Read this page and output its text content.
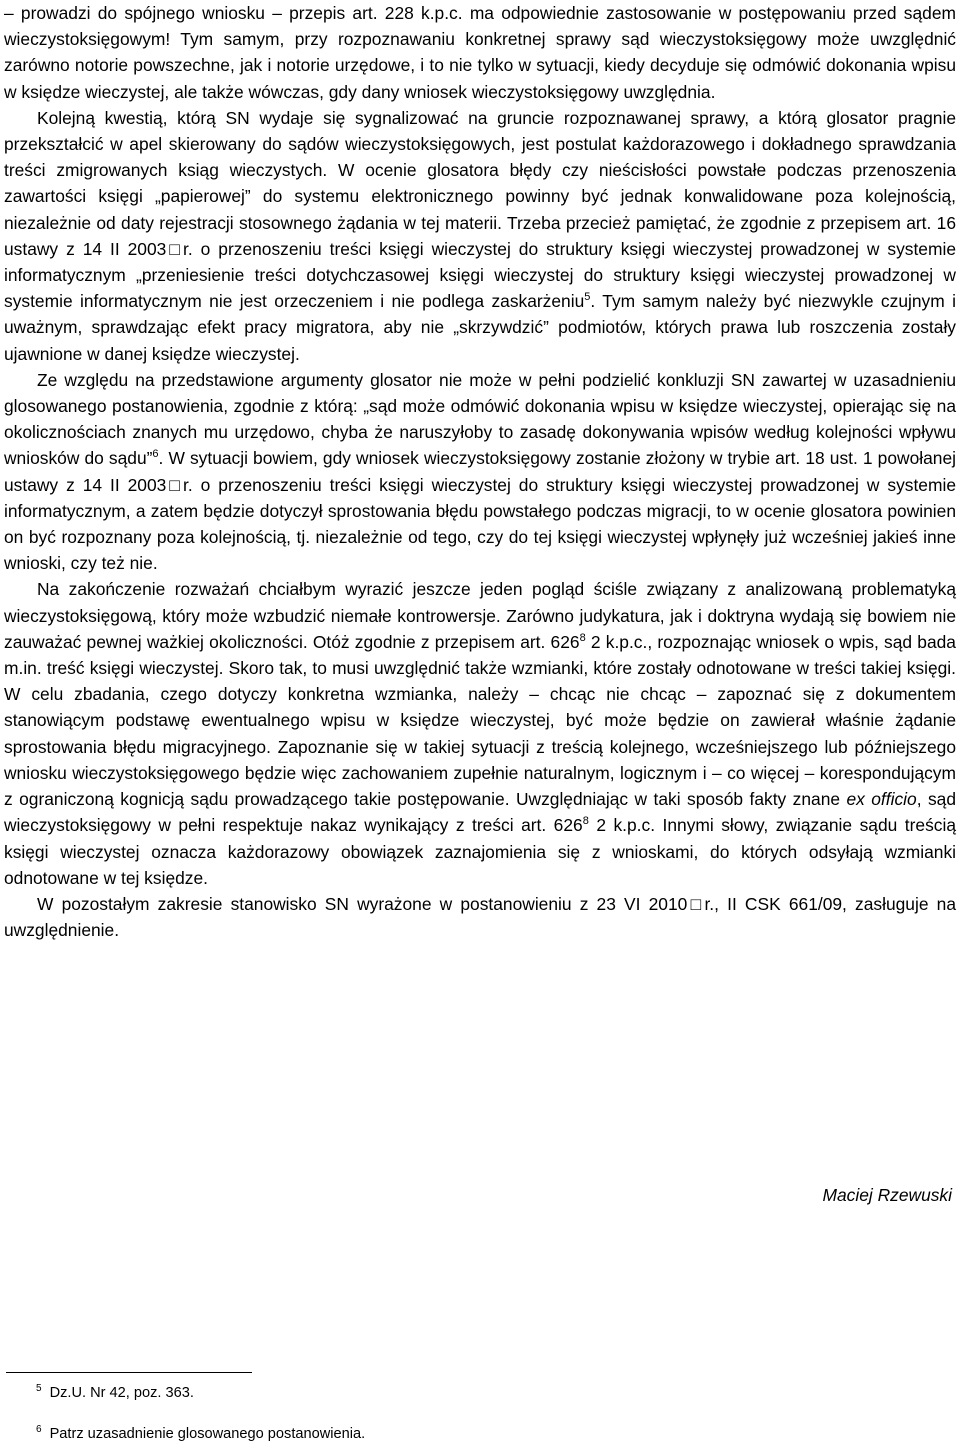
– prowadzi do spójnego wniosku – przepis art. 228 k.p.c. ma odpowiednie zastosowanie w postępowaniu przed sądem wieczystoksięgowym! Tym samym, przy rozpoznawaniu konkretnej sprawy sąd wieczystoksięgowy może uwzględnić zarówno notorie powszechne, jak i notorie urzędowe, i to nie tylko w sytuacji, kiedy decyduje się odmówić dokonania wpisu w księdze wieczystej, ale także wówczas, gdy dany wniosek wieczystoksięgowy uwzględnia.

Kolejną kwestią, którą SN wydaje się sygnalizować na gruncie rozpoznawanej sprawy, a którą glosator pragnie przekształcić w apel skierowany do sądów wieczystoksięgowych, jest postulat każdorazowego i dokładnego sprawdzania treści zmigrowanych ksiąg wieczystych. W ocenie glosatora błędy czy nieścisłości powstałe podczas przenoszenia zawartości księgi „papierowej” do systemu elektronicznego powinny być jednak konwalidowane poza kolejnością, niezależnie od daty rejestracji stosownego żądania w tej materii. Trzeba przecież pamiętać, że zgodnie z przepisem art. 16 ustawy z 14 II 2003□r. o przenoszeniu treści księgi wieczystej do struktury księgi wieczystej prowadzonej w systemie informatycznym „przeniesienie treści dotychczasowej księgi wieczystej do struktury księgi wieczystej prowadzonej w systemie informatycznym nie jest orzeczeniem i nie podlega zaskarżeniu$^5$. Tym samym należy być niezwykle czujnym i uważnym, sprawdzając efekt pracy migratora, aby nie „skrzywdzić” podmiotów, których prawa lub roszczenia zostały ujawnione w danej księdze wieczystej.

Ze względu na przedstawione argumenty glosator nie może w pełni podzielić konkluzji SN zawartej w uzasadnieniu glosowanego postanowienia, zgodnie z którą: „sąd może odmówić dokonania wpisu w księdze wieczystej, opierając się na okolicznościach znanych mu urzędowo, chyba że naruszyłoby to zasadę dokonywania wpisów według kolejności wpływu wniosków do sądu”$^6$. W sytuacji bowiem, gdy wniosek wieczystoksięgowy zostanie złożony w trybie art. 18 ust. 1 powołanej ustawy z 14 II 2003□r. o przenoszeniu treści księgi wieczystej do struktury księgi wieczystej prowadzonej w systemie informatycznym, a zatem będzie dotyczył sprostowania błędu powstałego podczas migracji, to w ocenie glosatora powinien on być rozpoznany poza kolejnością, tj. niezależnie od tego, czy do tej księgi wieczystej wpłynęły już wcześniej jakieś inne wnioski, czy też nie.

Na zakończenie rozważań chciałbym wyrazić jeszcze jeden pogląd ściśle związany z analizowaną problematyką wieczystoksięgową, który może wzbudzić niemałe kontrowersje. Zarówno judykatura, jak i doktryna wydają się bowiem nie zauważać pewnej ważkiej okoliczności. Otóż zgodnie z przepisem art. $626^8$ 2 k.p.c., rozpoznając wniosek o wpis, sąd bada m.in. treść księgi wieczystej. Skoro tak, to musi uwzględnić także wzmianki, które zostały odnotowane w treści takiej księgi. W celu zbadania, czego dotyczy konkretna wzmianka, należy – chcąc nie chcąc – zapoznać się z dokumentem stanowiącym podstawę ewentualnego wpisu w księdze wieczystej, być może będzie on zawierał właśnie żądanie sprostowania błędu migracyjnego. Zapoznanie się w takiej sytuacji z treścią kolejnego, wcześniejszego lub późniejszego wniosku wieczystoksięgowego będzie więc zachowaniem zupełnie naturalnym, logicznym i – co więcej – korespondującym z ograniczoną kognicją sądu prowadzącego takie postępowanie. Uwzględniając w taki sposób fakty znane ex officio, sąd wieczystoksięgowy w pełni respektuje nakaz wynikający z treści art. $626^8$ 2 k.p.c. Innymi słowy, związanie sądu treścią księgi wieczystej oznacza każdorazowy obowiązek zaznajomienia się z wnioskami, do których odsyłają wzmianki odnotowane w tej księdze.

W pozostałym zakresie stanowisko SN wyrażone w postanowieniu z 23 VI 2010□r., II CSK 661/09, zasługuje na uwzględnienie.

Maciej Rzewuski
$^5$ Dz.U. Nr 42, poz. 363.
$^6$ Patrz uzasadnienie glosowanego postanowienia.
